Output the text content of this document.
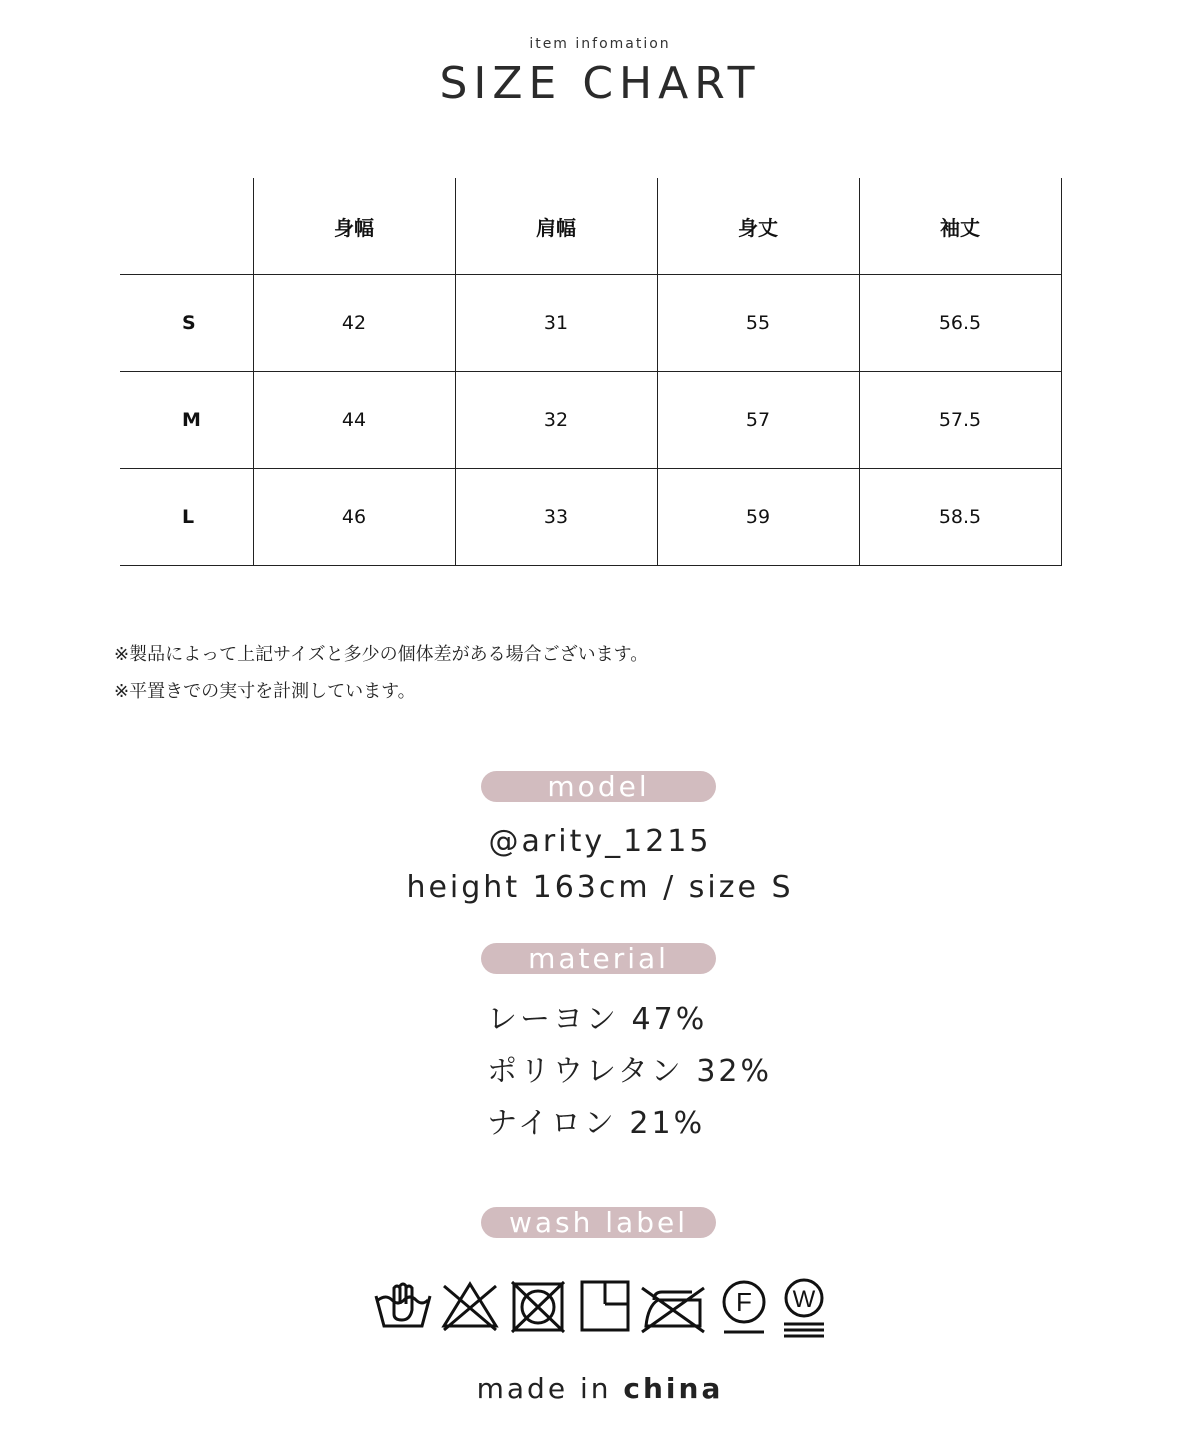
item infomation
SIZE CHART
	身幅	肩幅	身丈	袖丈
S	42	31	55	56.5
M	44	32	57	57.5
L	46	33	59	58.5
※製品によって上記サイズと多少の個体差がある場合ございます。
※平置きでの実寸を計測しています。
model
@arity_1215
height 163cm / size S
material
レーヨン 47%
ポリウレタン 32%
ナイロン 21%
wash label
F W
made in china
